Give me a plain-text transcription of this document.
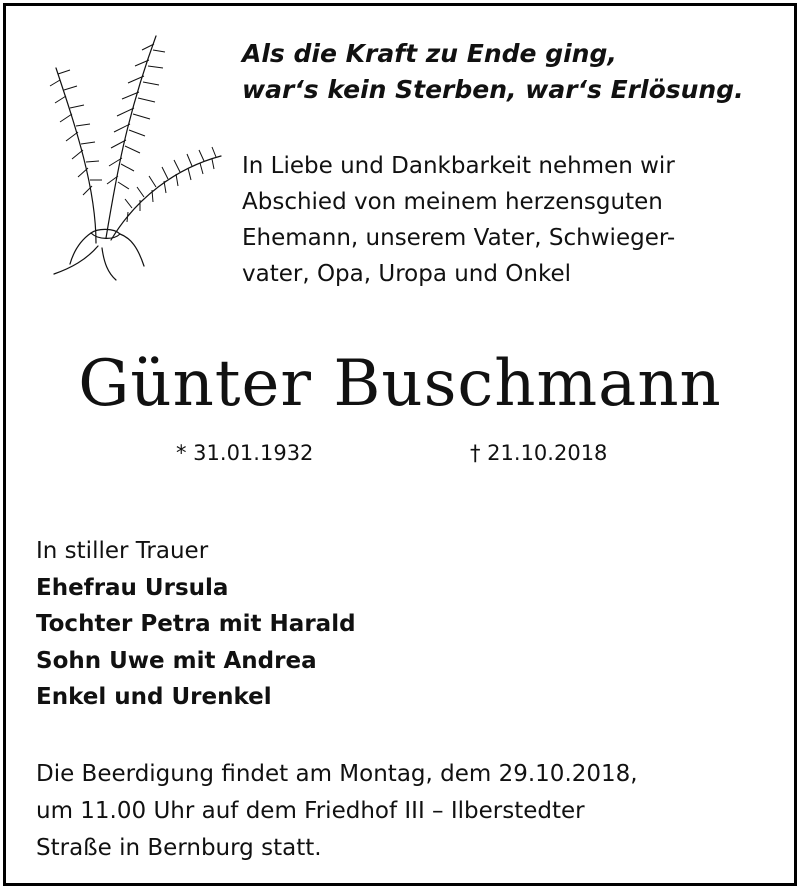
Als die Kraft zu Ende ging,
war‘s kein Sterben, war‘s Erlösung.
In Liebe und Dankbarkeit nehmen wir
Abschied von meinem herzensguten
Ehemann, unserem Vater, Schwieger-
vater, Opa, Uropa und Onkel
Günter Buschmann
* 31.01.1932	† 21.10.2018
In stiller Trauer
Ehefrau Ursula
Tochter Petra mit Harald
Sohn Uwe mit Andrea
Enkel und Urenkel
Die Beerdigung findet am Montag, dem 29.10.2018,
um 11.00 Uhr auf dem Friedhof III – Ilberstedter
Straße in Bernburg statt.
